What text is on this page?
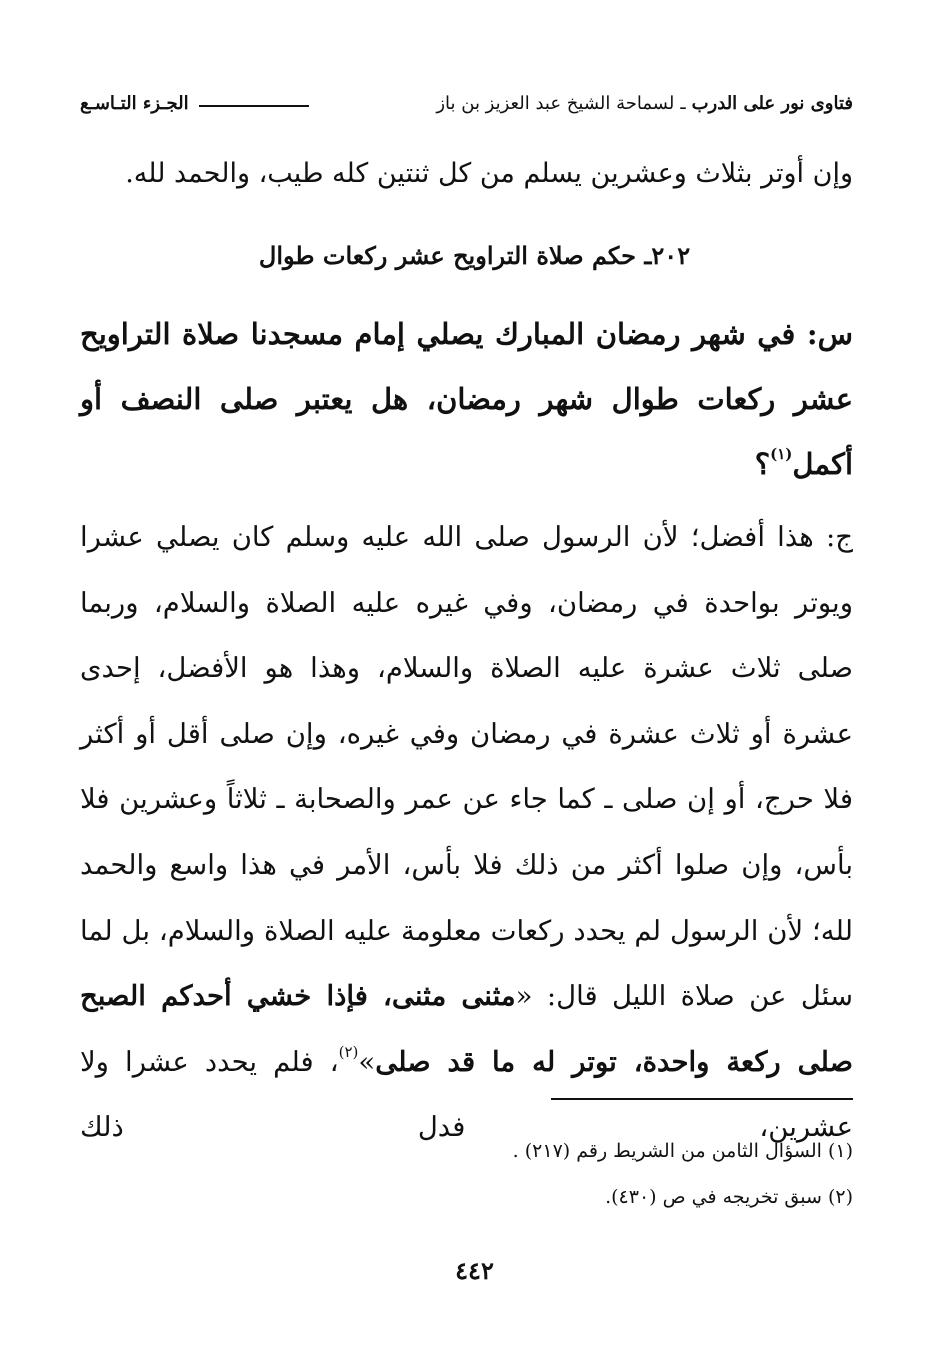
فتاوى نور على الدرب
ـ
لسماحة الشيخ عبد العزيز بن باز
الجـزء التـاسـع
وإن أوتر بثلاث وعشرين يسلم من كل ثنتين كله طيب، والحمد لله.
٢٠٢ـ حكم صلاة التراويح عشر ركعات طوال
س: في شهر رمضان المبارك يصلي إمام مسجدنا صلاة التراويح عشر ركعات طوال شهر رمضان، هل يعتبر صلى النصف أو أكمل$^{(١)}$؟
ج: هذا أفضل؛ لأن الرسول صلى الله عليه وسلم كان يصلي عشرا ويوتر بواحدة في رمضان، وفي غيره عليه الصلاة والسلام، وربما صلى ثلاث عشرة عليه الصلاة والسلام، وهذا هو الأفضل، إحدى عشرة أو ثلاث عشرة في رمضان وفي غيره، وإن صلى أقل أو أكثر فلا حرج، أو إن صلى ـ كما جاء عن عمر والصحابة ـ ثلاثاً وعشرين فلا بأس، وإن صلوا أكثر من ذلك فلا بأس، الأمر في هذا واسع والحمد لله؛ لأن الرسول لم يحدد ركعات معلومة عليه الصلاة والسلام، بل لما سئل عن صلاة الليل قال: «مثنى مثنى، فإذا خشي أحدكم الصبح صلى ركعة واحدة، توتر له ما قد صلى»$^{(٢)}$، فلم يحدد عشرا ولا عشرين، فدل ذلك
(١) السؤال الثامن من الشريط رقم (٢١٧) .
(٢) سبق تخريجه في ص (٤٣٠).
٤٤٢
